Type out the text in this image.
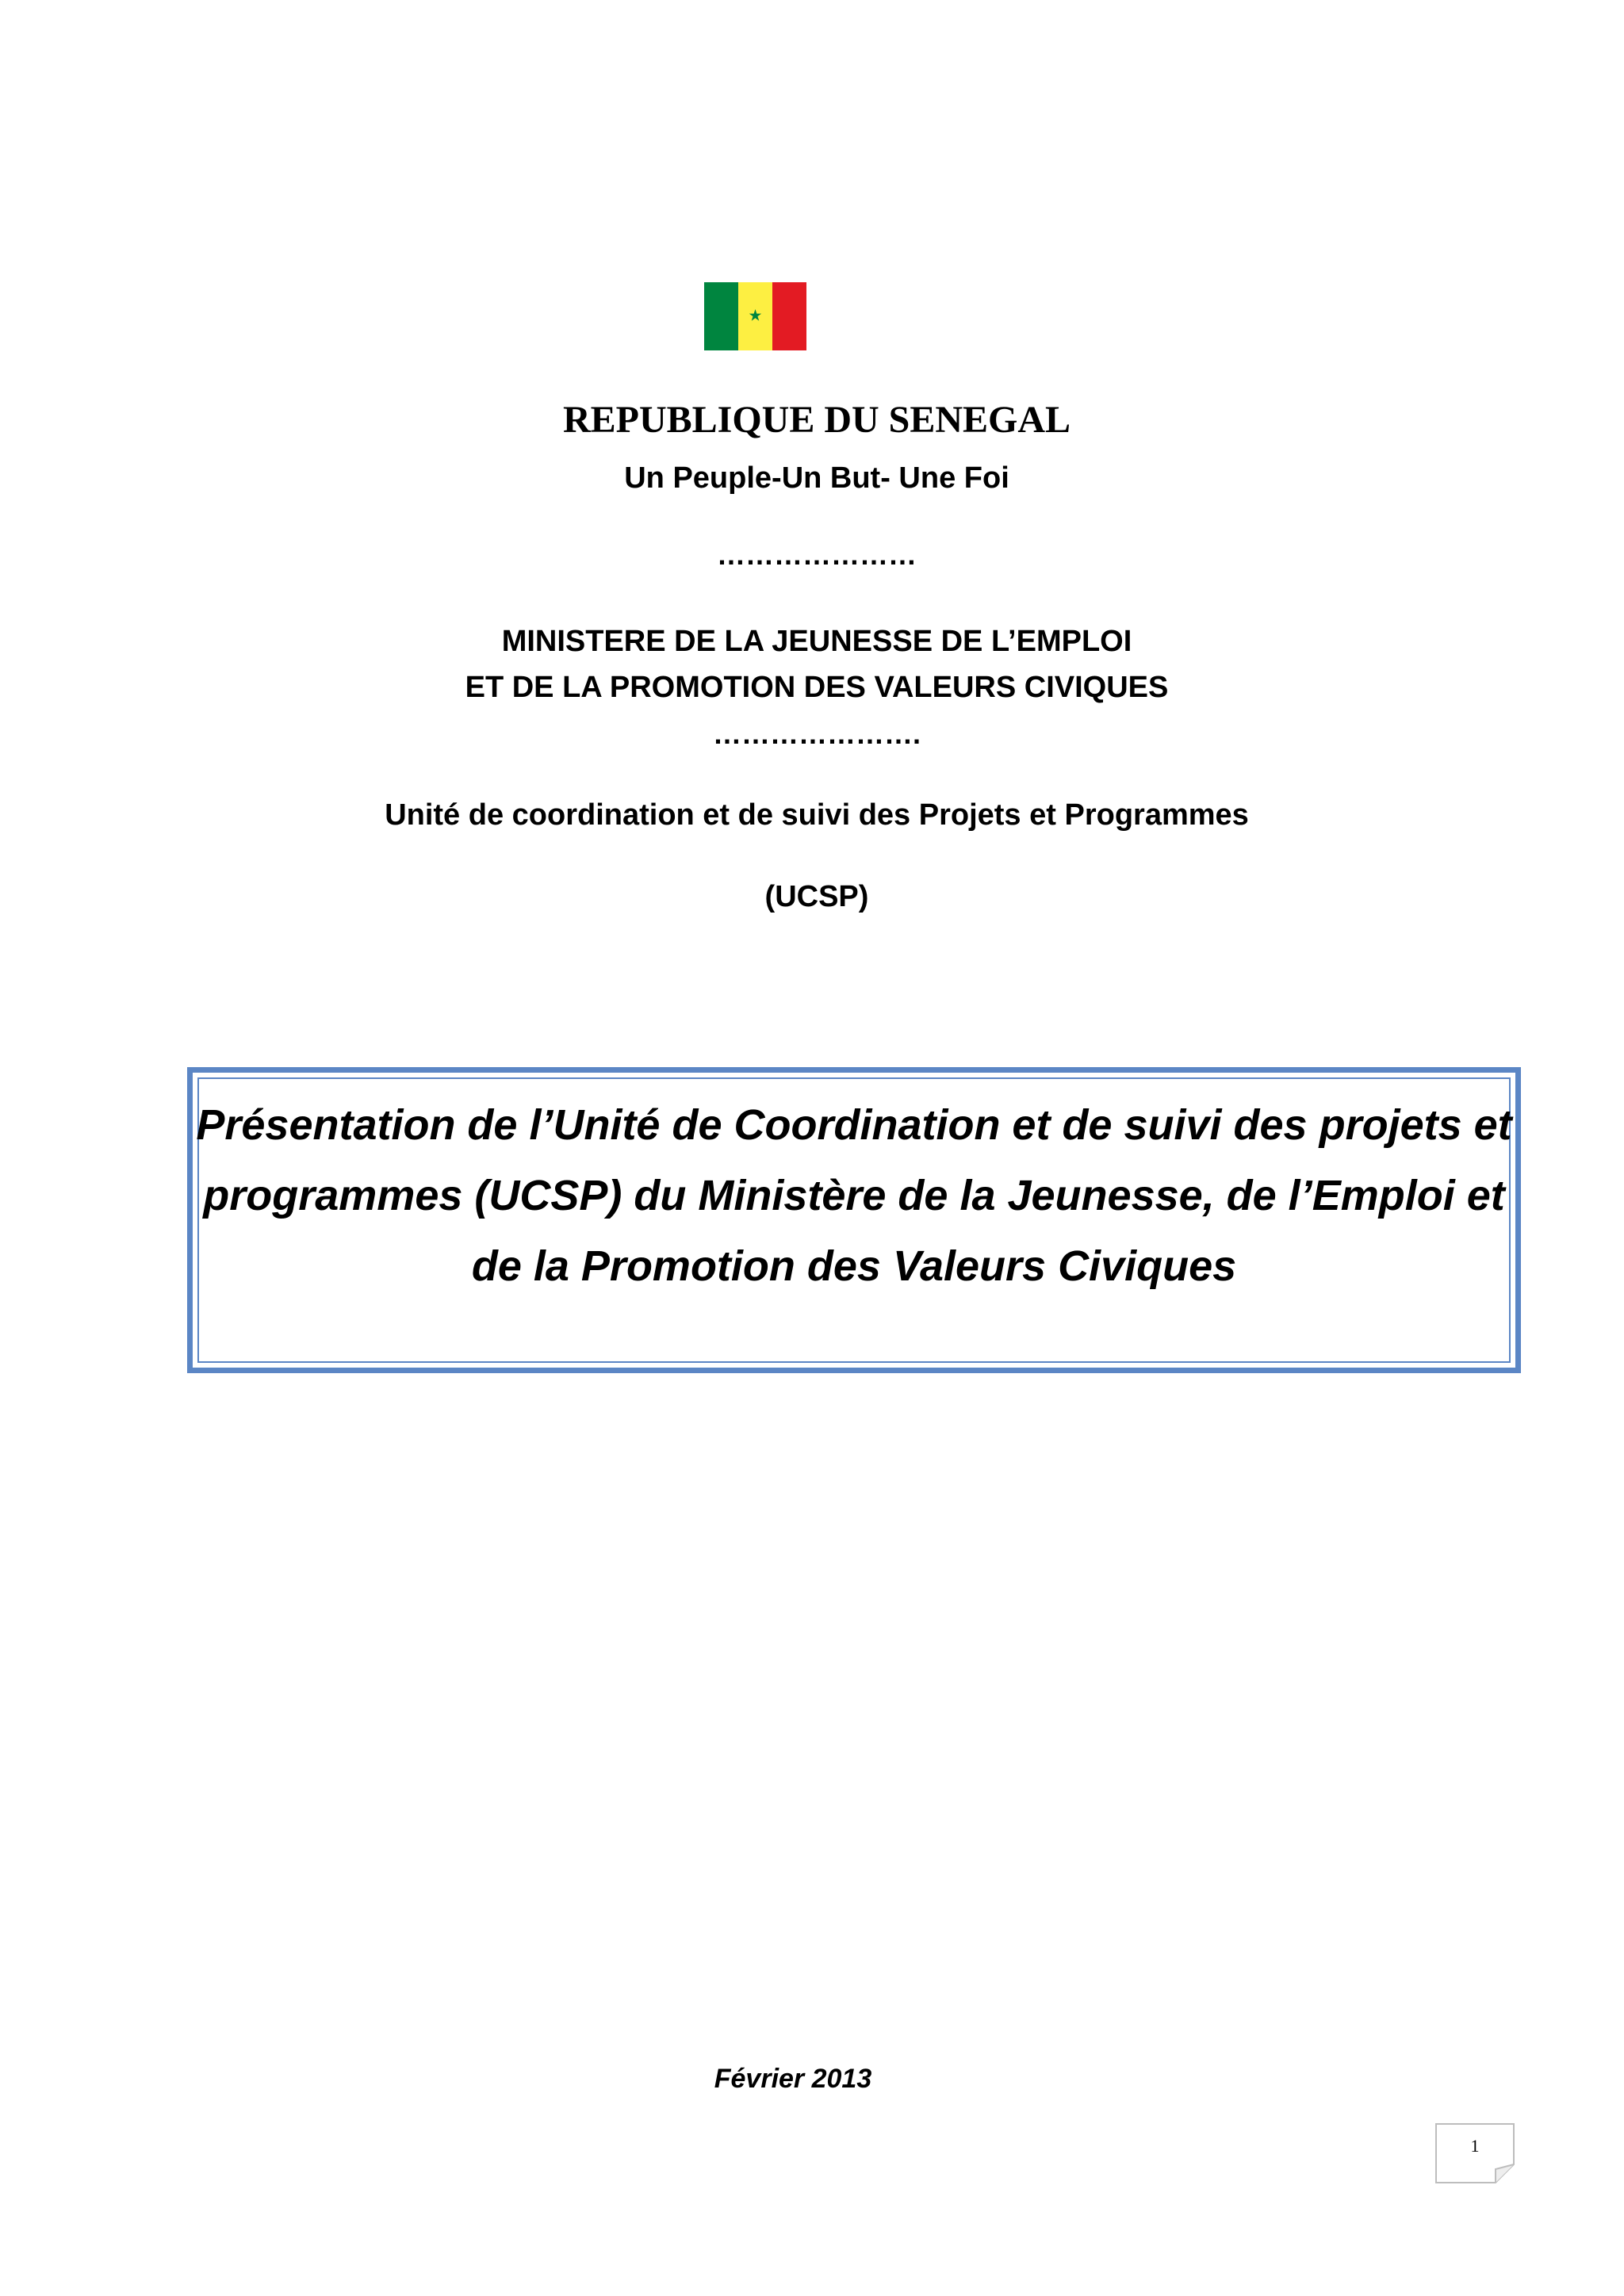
★
REPUBLIQUE DU SENEGAL
Un Peuple-Un But- Une Foi
…………………
MINISTERE DE LA JEUNESSE DE L’EMPLOI
ET DE LA PROMOTION DES VALEURS CIVIQUES
………………….
Unité de coordination et de suivi des Projets et Programmes
(UCSP)
Présentation de l’Unité de Coordination et de suivi des projets et programmes (UCSP) du Ministère de la Jeunesse, de l’Emploi et de la Promotion des Valeurs Civiques
Février 2013
1
